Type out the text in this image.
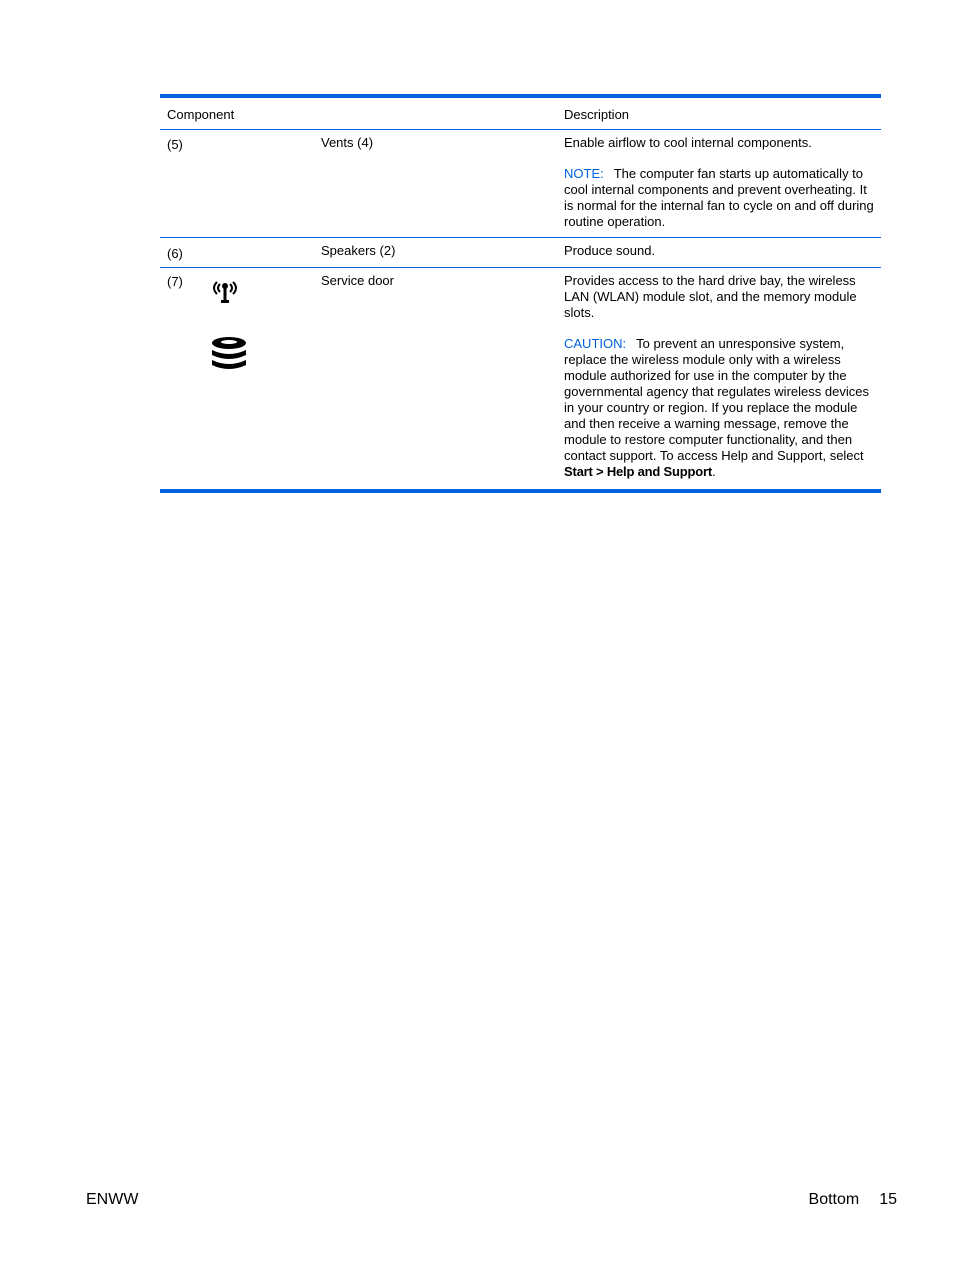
Component	Description
(5)	Vents (4)	Enable airflow to cool internal components.

NOTE: The computer fan starts up automatically to cool internal components and prevent overheating. It is normal for the internal fan to cycle on and off during routine operation.

(6)	Speakers (2)	Produce sound.

(7)	Service door	Provides access to the hard drive bay, the wireless LAN (WLAN) module slot, and the memory module slots.

CAUTION: To prevent an unresponsive system, replace the wireless module only with a wireless module authorized for use in the computer by the governmental agency that regulates wireless devices in your country or region. If you replace the module and then receive a warning message, remove the module to restore computer functionality, and then contact support. To access Help and Support, select Start > Help and Support.

ENWW	Bottom 15
